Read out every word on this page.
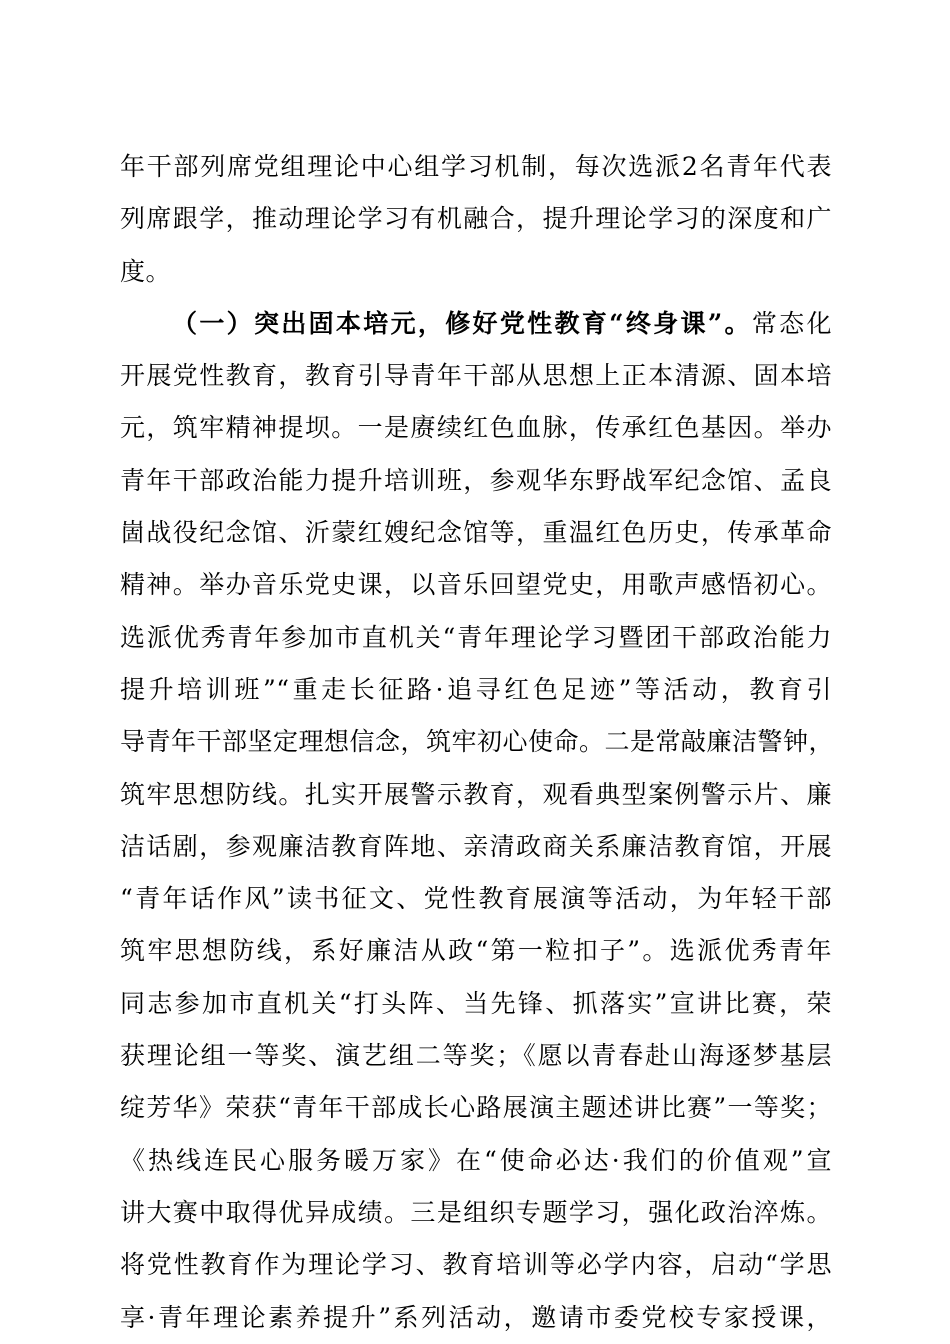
年干部列席党组理论中心组学习机制，每次选派2名青年代表
列席跟学，推动理论学习有机融合，提升理论学习的深度和广
度。
（一）突出固本培元，修好党性教育“终身课”。常态化
开展党性教育，教育引导青年干部从思想上正本清源、固本培
元，筑牢精神提坝。一是赓续红色血脉，传承红色基因。举办
青年干部政治能力提升培训班，参观华东野战军纪念馆、孟良
崮战役纪念馆、沂蒙红嫂纪念馆等，重温红色历史，传承革命
精神。举办音乐党史课，以音乐回望党史，用歌声感悟初心。
选派优秀青年参加市直机关“青年理论学习暨团干部政治能力
提升培训班”“重走长征路·追寻红色足迹”等活动，教育引
导青年干部坚定理想信念，筑牢初心使命。二是常敲廉洁警钟，
筑牢思想防线。扎实开展警示教育，观看典型案例警示片、廉
洁话剧，参观廉洁教育阵地、亲清政商关系廉洁教育馆，开展
“青年话作风”读书征文、党性教育展演等活动，为年轻干部
筑牢思想防线，系好廉洁从政“第一粒扣子”。选派优秀青年
同志参加市直机关“打头阵、当先锋、抓落实”宣讲比赛，荣
获理论组一等奖、演艺组二等奖；《愿以青春赴山海逐梦基层
绽芳华》荣获“青年干部成长心路展演主题述讲比赛”一等奖；
《热线连民心服务暖万家》在“使命必达·我们的价值观”宣
讲大赛中取得优异成绩。三是组织专题学习，强化政治淬炼。
将党性教育作为理论学习、教育培训等必学内容，启动“学思
享·青年理论素养提升”系列活动，邀请市委党校专家授课，
